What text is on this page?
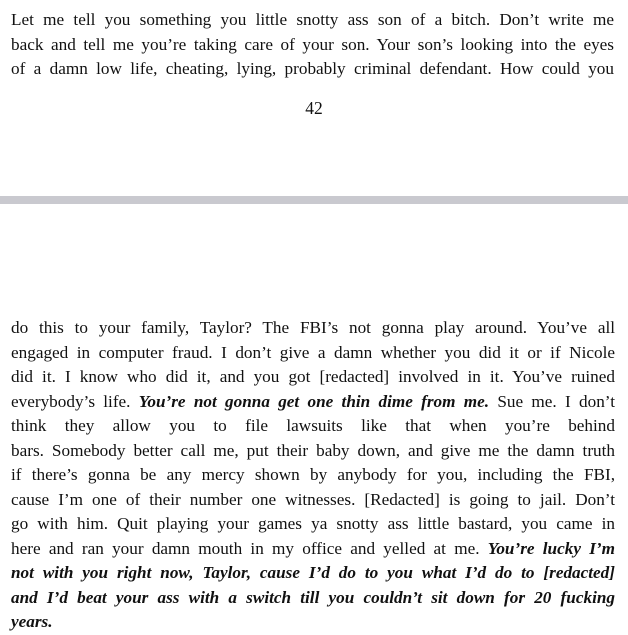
Let me tell you something you little snotty ass son of a bitch. Don’t write me
back and tell me you’re taking care of your son. Your son’s looking into the eyes
of a damn low life, cheating, lying, probably criminal defendant. How could you
42
do this to your family, Taylor? The FBI’s not gonna play around. You’ve all
engaged in computer fraud. I don’t give a damn whether you did it or if Nicole
did it. I know who did it, and you got [redacted] involved in it. You’ve ruined
everybody’s life. You’re not gonna get one thin dime from me. Sue me. I don’t
think they allow you to file lawsuits like that when you’re behind
bars. Somebody better call me, put their baby down, and give me the damn truth
if there’s gonna be any mercy shown by anybody for you, including the FBI,
cause I’m one of their number one witnesses. [Redacted] is going to jail. Don’t
go with him. Quit playing your games ya snotty ass little bastard, you came in
here and ran your damn mouth in my office and yelled at me. You’re lucky I’m
not with you right now, Taylor, cause I’d do to you what I’d do to [redacted]
and I’d beat your ass with a switch till you couldn’t sit down for 20 fucking
years.
